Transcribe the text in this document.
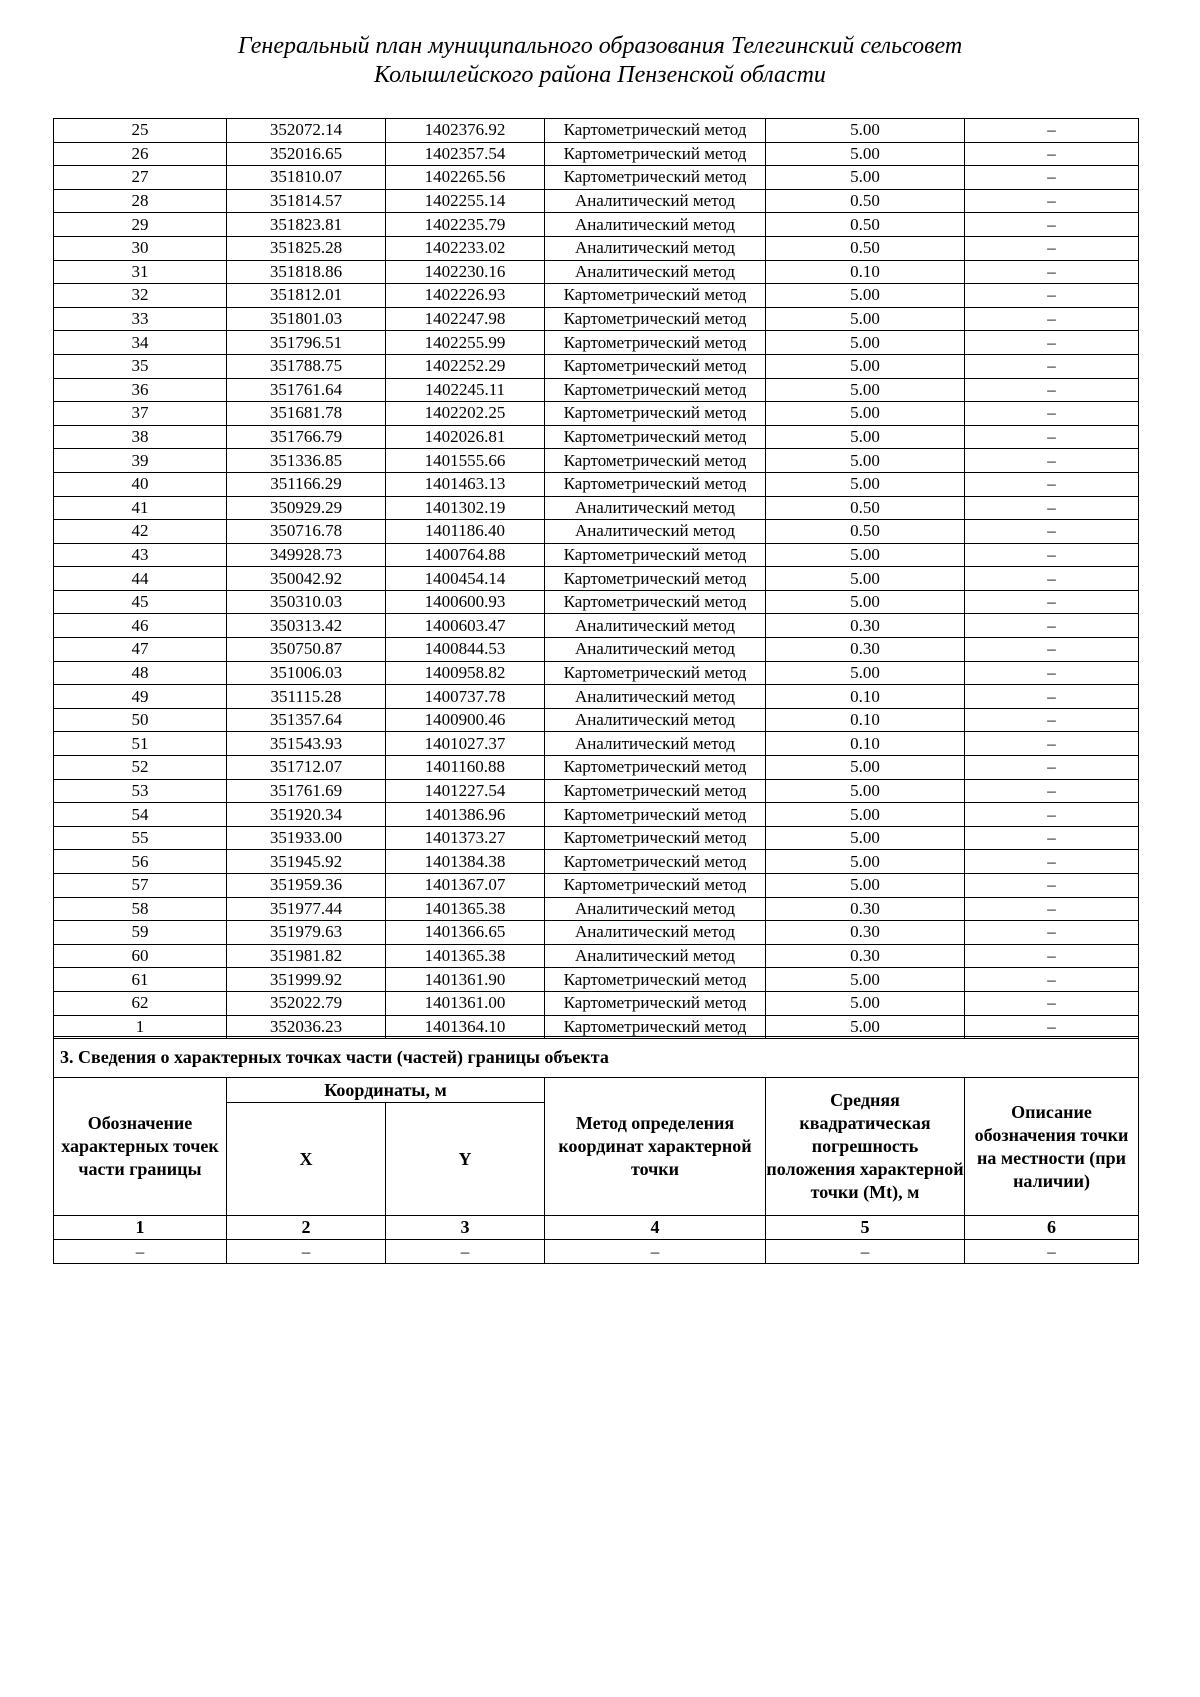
Генеральный план муниципального образования Телегинский сельсовет
Колышлейского района Пензенской области
25	352072.14	1402376.92	Картометрический метод	5.00	–
26	352016.65	1402357.54	Картометрический метод	5.00	–
27	351810.07	1402265.56	Картометрический метод	5.00	–
28	351814.57	1402255.14	Аналитический метод	0.50	–
29	351823.81	1402235.79	Аналитический метод	0.50	–
30	351825.28	1402233.02	Аналитический метод	0.50	–
31	351818.86	1402230.16	Аналитический метод	0.10	–
32	351812.01	1402226.93	Картометрический метод	5.00	–
33	351801.03	1402247.98	Картометрический метод	5.00	–
34	351796.51	1402255.99	Картометрический метод	5.00	–
35	351788.75	1402252.29	Картометрический метод	5.00	–
36	351761.64	1402245.11	Картометрический метод	5.00	–
37	351681.78	1402202.25	Картометрический метод	5.00	–
38	351766.79	1402026.81	Картометрический метод	5.00	–
39	351336.85	1401555.66	Картометрический метод	5.00	–
40	351166.29	1401463.13	Картометрический метод	5.00	–
41	350929.29	1401302.19	Аналитический метод	0.50	–
42	350716.78	1401186.40	Аналитический метод	0.50	–
43	349928.73	1400764.88	Картометрический метод	5.00	–
44	350042.92	1400454.14	Картометрический метод	5.00	–
45	350310.03	1400600.93	Картометрический метод	5.00	–
46	350313.42	1400603.47	Аналитический метод	0.30	–
47	350750.87	1400844.53	Аналитический метод	0.30	–
48	351006.03	1400958.82	Картометрический метод	5.00	–
49	351115.28	1400737.78	Аналитический метод	0.10	–
50	351357.64	1400900.46	Аналитический метод	0.10	–
51	351543.93	1401027.37	Аналитический метод	0.10	–
52	351712.07	1401160.88	Картометрический метод	5.00	–
53	351761.69	1401227.54	Картометрический метод	5.00	–
54	351920.34	1401386.96	Картометрический метод	5.00	–
55	351933.00	1401373.27	Картометрический метод	5.00	–
56	351945.92	1401384.38	Картометрический метод	5.00	–
57	351959.36	1401367.07	Картометрический метод	5.00	–
58	351977.44	1401365.38	Аналитический метод	0.30	–
59	351979.63	1401366.65	Аналитический метод	0.30	–
60	351981.82	1401365.38	Аналитический метод	0.30	–
61	351999.92	1401361.90	Картометрический метод	5.00	–
62	352022.79	1401361.00	Картометрический метод	5.00	–
1	352036.23	1401364.10	Картометрический метод	5.00	–
3. Сведения о характерных точках части (частей) границы объекта					
Обозначение характерных точек части границы	Координаты, м		Метод определения координат характерной точки	Средняя квадратическая погрешность положения характерной точки (Mt), м	Описание обозначения точки на местности (при наличии)
	X	Y			
1	2	3	4	5	6
–	–	–	–	–	–
